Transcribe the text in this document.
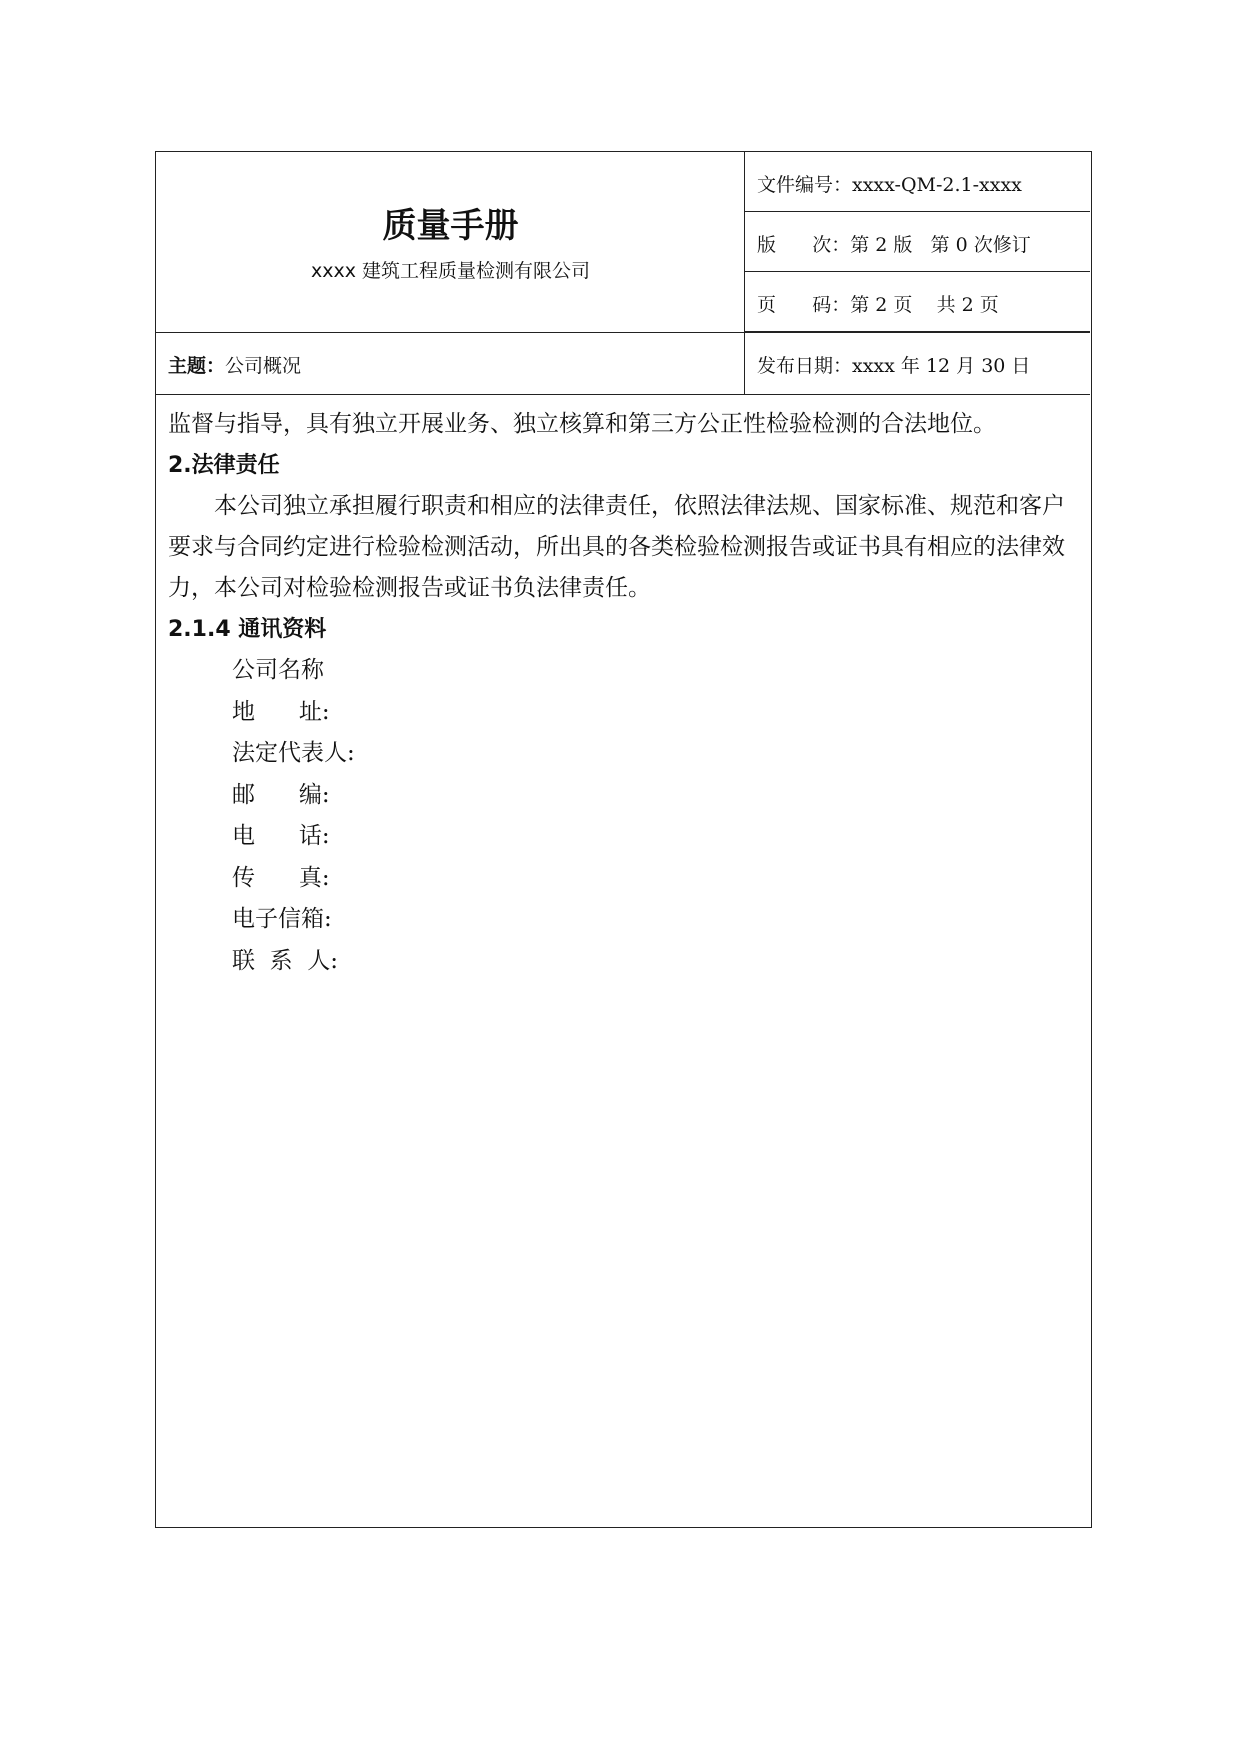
质量手册
xxxx 建筑工程质量检测有限公司
主题：公司概况
文件编号：xxxx-QM-2.1-xxxx
版      次：第 2 版   第 0 次修订
页      码：第 2 页    共 2 页
发布日期：xxxx 年 12 月 30 日

监督与指导，具有独立开展业务、独立核算和第三方公正性检验检测的合法地位。

2.法律责任

本公司独立承担履行职责和相应的法律责任，依照法律法规、国家标准、规范和客户要求与合同约定进行检验检测活动，所出具的各类检验检测报告或证书具有相应的法律效力，本公司对检验检测报告或证书负法律责任。

2.1.4 通讯资料

公司名称

地      址:

法定代表人:

邮      编:

电      话:

传      真:

电子信箱:

联  系  人:
